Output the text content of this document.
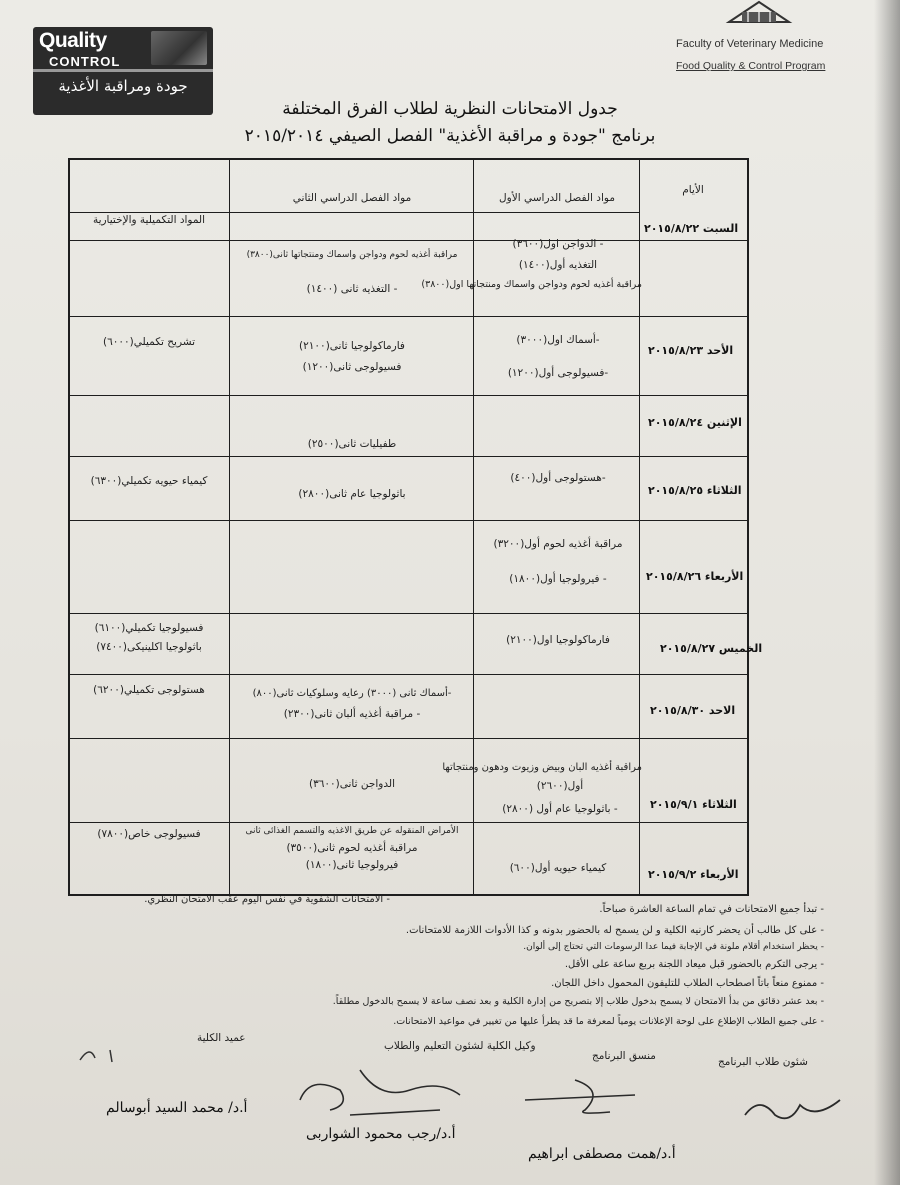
Quality
CONTROL
جودة ومراقبة الأغذية
Faculty of Veterinary Medicine
Food Quality & Control Program
جدول الامتحانات النظرية لطلاب الفرق المختلفة
برنامج "جودة و مراقبة الأغذية" الفصل الصيفي ٢٠١٥/٢٠١٤
الأيام
مواد الفصل الدراسي الأول
مواد الفصل الدراسي الثاني
المواد التكميلية والإختيارية
السبت ٢٠١٥/٨/٢٢
- الدواجن اول(٣٦٠٠)
التغذيه أول(١٤٠٠)
مراقبة أغذيه لحوم ودواجن واسماك ومنتجاتها اول(٣٨٠٠)
مراقبة أغذيه لحوم ودواجن واسماك ومنتجاتها ثانى(٣٨٠٠)
- التغذيه ثانى (١٤٠٠)
الأحد ٢٠١٥/٨/٢٣
-أسماك اول(٣٠٠٠)
-فسيولوجى أول(١٢٠٠)
فارماكولوجيا ثانى(٢١٠٠)
فسيولوجى ثانى(١٢٠٠)
تشريح تكميلي(٦٠٠٠)
الإثنين ٢٠١٥/٨/٢٤
طفيليات ثانى(٢٥٠٠)
الثلاثاء ٢٠١٥/٨/٢٥
-هستولوجى أول(٤٠٠)
باثولوجيا عام ثانى(٢٨٠٠)
كيمياء حيويه تكميلي(٦٣٠٠)
الأربعاء ٢٠١٥/٨/٢٦
مراقبة أغذيه لحوم أول(٣٢٠٠)
- فيرولوجيا أول(١٨٠٠)
الخميس ٢٠١٥/٨/٢٧
فارماكولوجيا اول(٢١٠٠)
فسيولوجيا تكميلي(٦١٠٠)
باثولوجيا اكلينيكى(٧٤٠٠)
الاحد ٢٠١٥/٨/٣٠
-أسماك ثانى (٣٠٠٠) رعايه وسلوكيات ثانى(٨٠٠)
- مراقبة أغذيه ألبان ثانى(٢٣٠٠)
هستولوجى تكميلي(٦٢٠٠)
الثلاثاء ٢٠١٥/٩/١
مراقبة أغذيه البان وبيض وزيوت ودهون ومنتجاتها
أول(٢٦٠٠)
- باثولوجيا عام أول (٢٨٠٠)
الدواجن ثانى(٣٦٠٠)
الأربعاء ٢٠١٥/٩/٢
كيمياء حيويه أول(٦٠٠)
الأمراض المنقوله عن طريق الاغذيه والتسمم الغذائى ثانى
مراقبة أغذيه لحوم ثانى(٣٥٠٠)
فيرولوجيا ثانى(١٨٠٠)
فسيولوجى خاص(٧٨٠٠)
- الامتحانات الشفوية في نفس اليوم عقب الامتحان النظري.
- تبدأ جميع الامتحانات في تمام الساعة العاشرة صباحاً.
- على كل طالب أن يحضر كارنيه الكلية و لن يسمح له بالحضور بدونه و كذا الأدوات اللازمة للامتحانات.
- يحظر استخدام أقلام ملونة في الإجابة فيما عدا الرسومات التي تحتاج إلى ألوان.
- يرجى التكرم بالحضور قبل ميعاد اللجنة بربع ساعة على الأقل.
- ممنوع منعاً باتاً اصطحاب الطلاب للتليفون المحمول داخل اللجان.
- بعد عشر دقائق من بدأ الامتحان لا يسمح بدخول طلاب إلا بتصريح من إدارة الكلية و بعد نصف ساعة لا يسمح بالدخول مطلقاً.
- على جميع الطلاب الإطلاع على لوحة الإعلانات يومياً لمعرفة ما قد يطرأ عليها من تغيير في مواعيد الامتحانات.
عميد الكلية
وكيل الكلية لشئون التعليم والطلاب
منسق البرنامج	شئون طلاب البرنامج
أ.د/ محمد السيد أبوسالم
أ.د/رجب محمود الشواربى
أ.د/همت مصطفى ابراهيم
